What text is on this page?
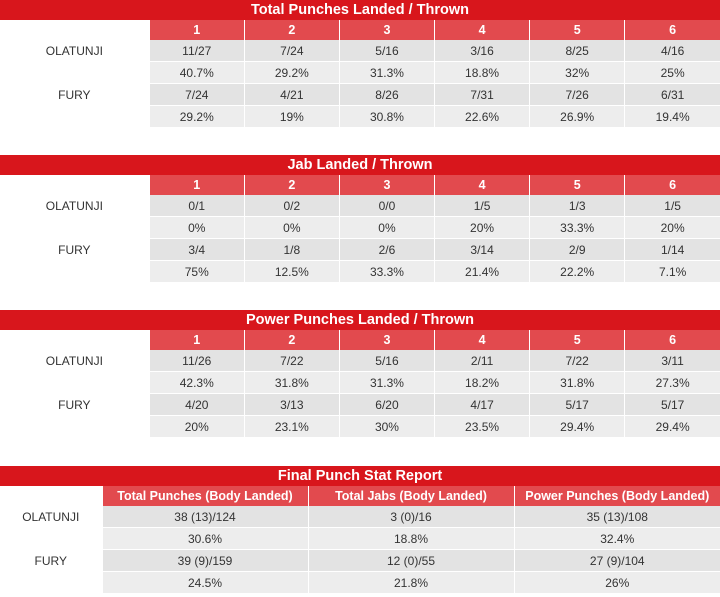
Total Punches Landed / Thrown						
	1	2	3	4	5	6
OLATUNJI	11/27	7/24	5/16	3/16	8/25	4/16
	40.7%	29.2%	31.3%	18.8%	32%	25%
FURY	7/24	4/21	8/26	7/31	7/26	6/31
	29.2%	19%	30.8%	22.6%	26.9%	19.4%
Jab Landed / Thrown						
	1	2	3	4	5	6
OLATUNJI	0/1	0/2	0/0	1/5	1/3	1/5
	0%	0%	0%	20%	33.3%	20%
FURY	3/4	1/8	2/6	3/14	2/9	1/14
	75%	12.5%	33.3%	21.4%	22.2%	7.1%
Power Punches Landed / Thrown						
	1	2	3	4	5	6
OLATUNJI	11/26	7/22	5/16	2/11	7/22	3/11
	42.3%	31.8%	31.3%	18.2%	31.8%	27.3%
FURY	4/20	3/13	6/20	4/17	5/17	5/17
	20%	23.1%	30%	23.5%	29.4%	29.4%
Final Punch Stat Report			
	Total Punches (Body Landed)	Total Jabs (Body Landed)	Power Punches (Body Landed)
OLATUNJI	38 (13)/124	3 (0)/16	35 (13)/108
	30.6%	18.8%	32.4%
FURY	39 (9)/159	12 (0)/55	27 (9)/104
	24.5%	21.8%	26%
